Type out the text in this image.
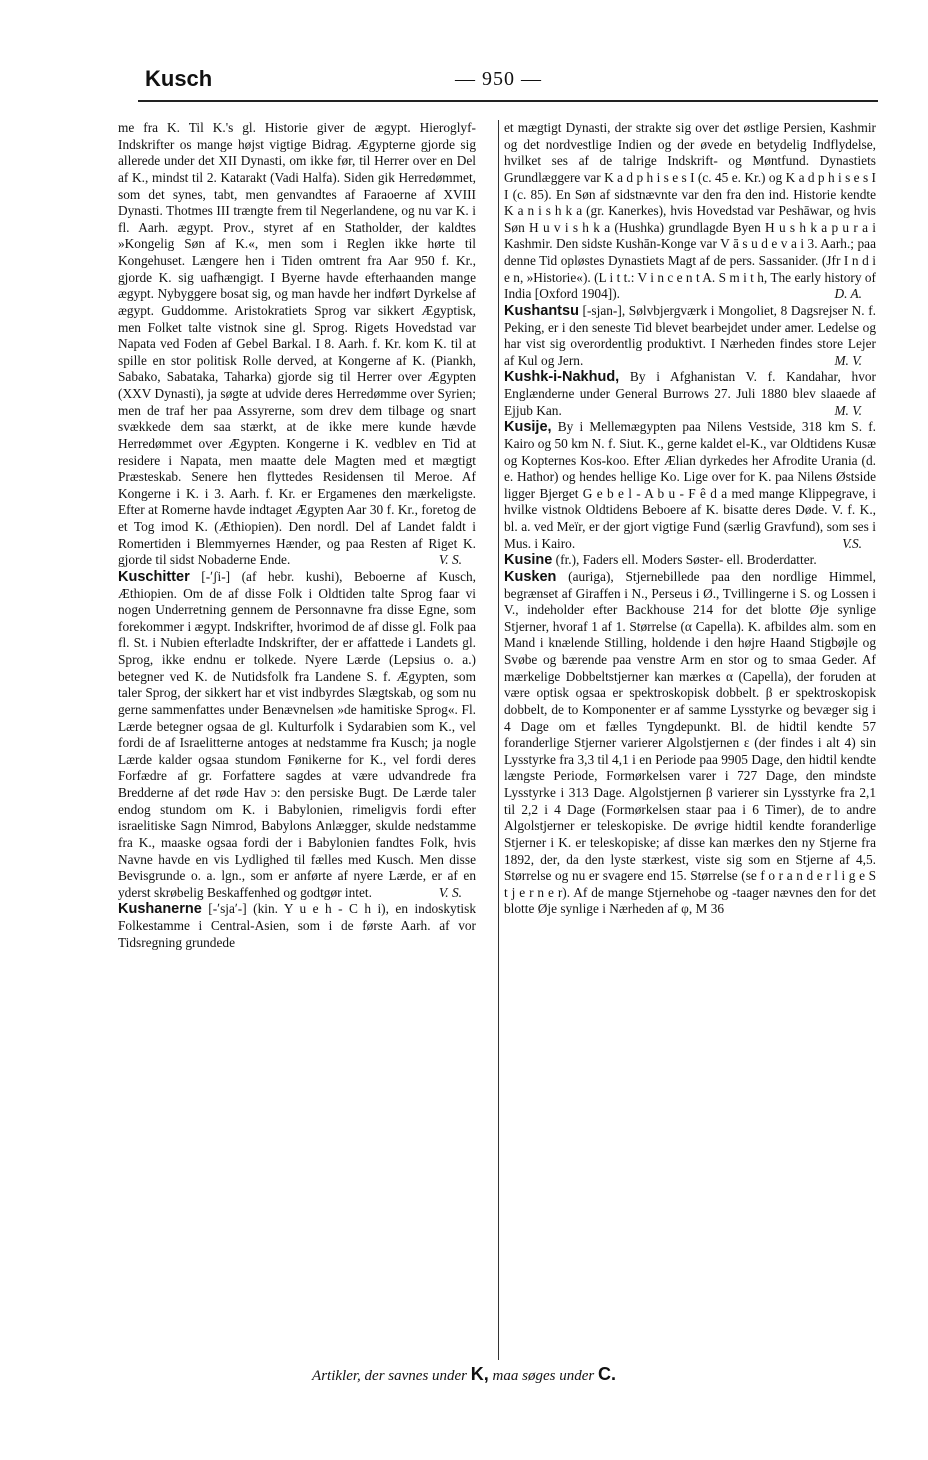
Kusch	— 950 —

me fra K. Til K.'s gl. Historie giver de ægypt. Hieroglyf-Indskrifter os mange højst vigtige Bidrag. Ægypterne gjorde sig allerede under det XII Dynasti, om ikke før, til Herrer over en Del af K., mindst til 2. Katarakt (Vadi Halfa). Siden gik Herredømmet, som det synes, tabt, men genvandtes af Faraoerne af XVIII Dynasti. Thotmes III trængte frem til Negerlandene, og nu var K. i fl. Aarh. ægypt. Prov., styret af en Statholder, der kaldtes »Kongelig Søn af K.«, men som i Reglen ikke hørte til Kongehuset. Længere hen i Tiden omtrent fra Aar 950 f. Kr., gjorde K. sig uafhængigt. I Byerne havde efterhaanden mange ægypt. Nybyggere bosat sig, og man havde her indført Dyrkelse af ægypt. Guddomme. Aristokratiets Sprog var sikkert Ægyptisk, men Folket talte vistnok sine gl. Sprog. Rigets Hovedstad var Napata ved Foden af Gebel Barkal. I 8. Aarh. f. Kr. kom K. til at spille en stor politisk Rolle derved, at Kongerne af K. (Piankh, Sabako, Sabataka, Taharka) gjorde sig til Herrer over Ægypten (XXV Dynasti), ja søgte at udvide deres Herredømme over Syrien; men de traf her paa Assyrerne, som drev dem tilbage og snart svækkede dem saa stærkt, at de ikke mere kunde hævde Herredømmet over Ægypten. Kongerne i K. vedblev en Tid at residere i Napata, men maatte dele Magten med et mægtigt Præsteskab. Senere hen flyttedes Residensen til Meroe. Af Kongerne i K. i 3. Aarh. f. Kr. er Ergamenes den mærkeligste. Efter at Romerne havde indtaget Ægypten Aar 30 f. Kr., foretog de et Tog imod K. (Æthiopien). Den nordl. Del af Landet faldt i Romertiden i Blemmyernes Hænder, og paa Resten af Riget K. gjorde til sidst Nobaderne Ende.	V. S.

Kuschitter [-ʹʃi-] (af hebr. kushi), Beboerne af Kusch, Æthiopien. Om de af disse Folk i Oldtiden talte Sprog faar vi nogen Underretning gennem de Personnavne fra disse Egne, som forekommer i ægypt. Indskrifter, hvorimod de af disse gl. Folk paa fl. St. i Nubien efterladte Indskrifter, der er affattede i Landets gl. Sprog, ikke endnu er tolkede. Nyere Lærde (Lepsius o. a.) betegner ved K. de Nutidsfolk fra Landene S. f. Ægypten, som taler Sprog, der sikkert har et vist indbyrdes Slægtskab, og som nu gerne sammenfattes under Benævnelsen »de hamitiske Sprog«. Fl. Lærde betegner ogsaa de gl. Kulturfolk i Sydarabien som K., vel fordi de af Israelitterne antoges at nedstamme fra Kusch; ja nogle Lærde kalder ogsaa stundom Fønikerne for K., vel fordi deres Forfædre af gr. Forfattere sagdes at være udvandrede fra Bredderne af det røde Hav ɔ: den persiske Bugt. De Lærde taler endog stundom om K. i Babylonien, rimeligvis fordi efter israelitiske Sagn Nimrod, Babylons Anlægger, skulde nedstamme fra K., maaske ogsaa fordi der i Babylonien fandtes Folk, hvis Navne havde en vis Lydlighed til fælles med Kusch. Men disse Bevisgrunde o. a. lgn., som er anførte af nyere Lærde, er af en yderst skrøbelig Beskaffenhed og godtgør intet.	V. S.

Kushanerne [-ʹsjaʹ-] (kin. Y u e h - C h i), en indoskytisk Folkestamme i Central-Asien, som i de første Aarh. af vor Tidsregning grundede

et mægtigt Dynasti, der strakte sig over det østlige Persien, Kashmir og det nordvestlige Indien og der øvede en betydelig Indflydelse, hvilket ses af de talrige Indskrift- og Møntfund. Dynastiets Grundlæggere var K a d p h i s e s I (c. 45 e. Kr.) og K a d p h i s e s I I (c. 85). En Søn af sidstnævnte var den fra den ind. Historie kendte K a n i s h k a (gr. Kanerkes), hvis Hovedstad var Peshāwar, og hvis Søn H u v i s h k a (Hushka) grundlagde Byen H u s h k a p u r a i Kashmir. Den sidste Kushān-Konge var V ā s u d e v a i 3. Aarh.; paa denne Tid opløstes Dynastiets Magt af de pers. Sassanider. (Jfr I n d i e n, »Historie«). (L i t t.: V i n c e n t A. S m i t h, The early history of India [Oxford 1904]).	D. A.

Kushantsu [-sjan-], Sølvbjergværk i Mongoliet, 8 Dagsrejser N. f. Peking, er i den seneste Tid blevet bearbejdet under amer. Ledelse og har vist sig overordentlig produktivt. I Nærheden findes store Lejer af Kul og Jern.	M. V.

Kushk-i-Nakhud, By i Afghanistan V. f. Kandahar, hvor Englænderne under General Burrows 27. Juli 1880 blev slaaede af Ejjub Kan.	M. V.

Kusije, By i Mellemægypten paa Nilens Vestside, 318 km S. f. Kairo og 50 km N. f. Siut. K., gerne kaldet el-K., var Oldtidens Kusæ og Kopternes Kos-koo. Efter Ælian dyrkedes her Afrodite Urania (d. e. Hathor) og hendes hellige Ko. Lige over for K. paa Nilens Østside ligger Bjerget G e b e l - A b u - F ê d a med mange Klippegrave, i hvilke vistnok Oldtidens Beboere af K. bisatte deres Døde. V. f. K., bl. a. ved Meïr, er der gjort vigtige Fund (særlig Gravfund), som ses i Mus. i Kairo.	V.S.

Kusine (fr.), Faders ell. Moders Søster- ell. Broderdatter.

Kusken (auriga), Stjernebillede paa den nordlige Himmel, begrænset af Giraffen i N., Perseus i Ø., Tvillingerne i S. og Lossen i V., indeholder efter Backhouse 214 for det blotte Øje synlige Stjerner, hvoraf 1 af 1. Størrelse (α Capella). K. afbildes alm. som en Mand i knælende Stilling, holdende i den højre Haand Stigbøjle og Svøbe og bærende paa venstre Arm en stor og to smaa Geder. Af mærkelige Dobbeltstjerner kan mærkes α (Capella), der foruden at være optisk ogsaa er spektroskopisk dobbelt. β er spektroskopisk dobbelt, de to Komponenter er af samme Lysstyrke og bevæger sig i 4 Dage om et fælles Tyngdepunkt. Bl. de hidtil kendte 57 foranderlige Stjerner varierer Algolstjernen ε (der findes i alt 4) sin Lysstyrke fra 3,3 til 4,1 i en Periode paa 9905 Dage, den hidtil kendte længste Periode, Formørkelsen varer i 727 Dage, den mindste Lysstyrke i 313 Dage. Algolstjernen β varierer sin Lysstyrke fra 2,1 til 2,2 i 4 Dage (Formørkelsen staar paa i 6 Timer), de to andre Algolstjerner er teleskopiske. De øvrige hidtil kendte foranderlige Stjerner i K. er teleskopiske; af disse kan mærkes den ny Stjerne fra 1892, der, da den lyste stærkest, viste sig som en Stjerne af 4,5. Størrelse og nu er svagere end 15. Størrelse (se f o r a n d e r l i g e S t j e r n e r). Af de mange Stjernehobe og -taager nævnes den for det blotte Øje synlige i Nærheden af φ, M 36

Artikler, der savnes under K, maa søges under C.
